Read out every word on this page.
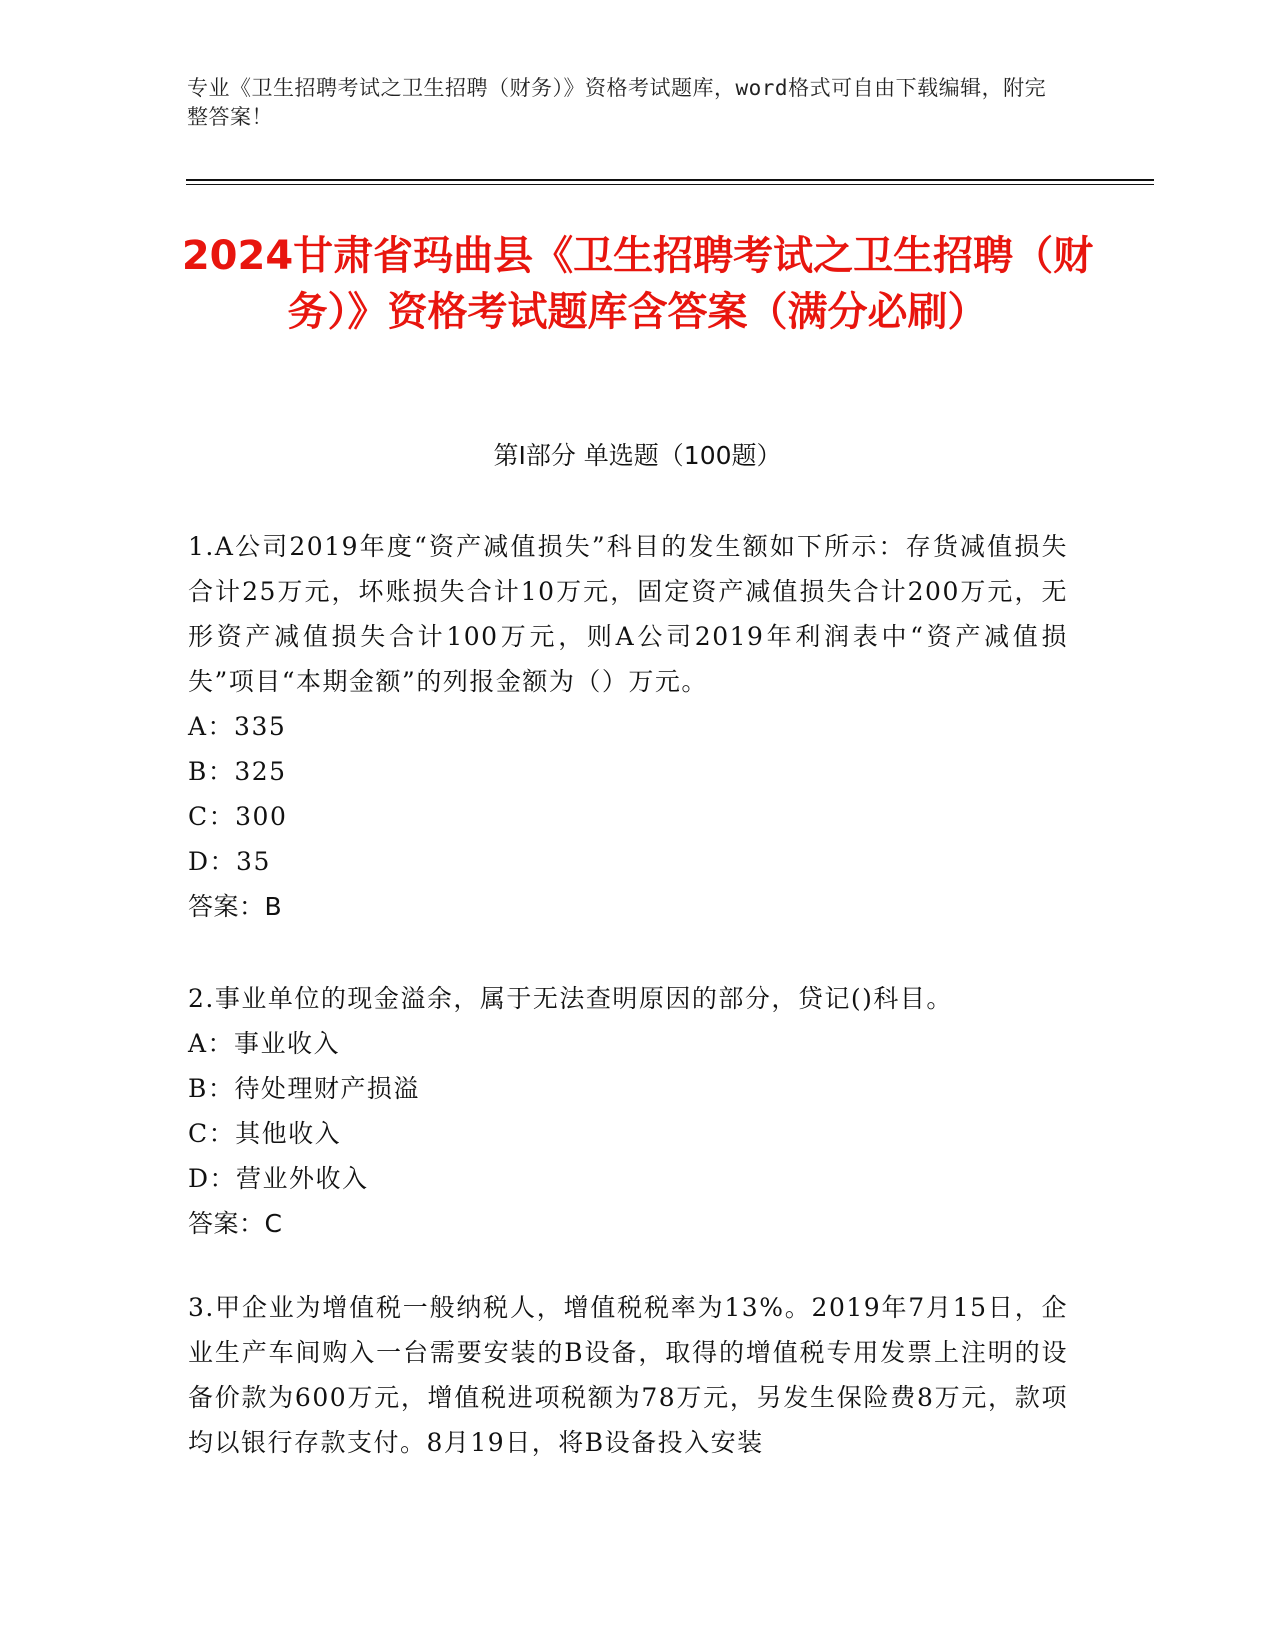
专业《卫生招聘考试之卫生招聘（财务）》资格考试题库，word格式可自由下载编辑，附完整答案！
2024甘肃省玛曲县《卫生招聘考试之卫生招聘（财务）》资格考试题库含答案（满分必刷）
第I部分 单选题（100题）

1.A公司2019年度“资产减值损失”科目的发生额如下所示：存货减值损失合计25万元，坏账损失合计10万元，固定资产减值损失合计200万元，无形资产减值损失合计100万元，则A公司2019年利润表中“资产减值损失”项目“本期金额”的列报金额为（）万元。

A：335
B：325
C：300
D：35
答案：B

2.事业单位的现金溢余，属于无法查明原因的部分，贷记()科目。

A：事业收入
B：待处理财产损溢
C：其他收入
D：营业外收入
答案：C

3.甲企业为增值税一般纳税人，增值税税率为13%。2019年7月15日，企业生产车间购入一台需要安装的B设备，取得的增值税专用发票上注明的设备价款为600万元，增值税进项税额为78万元，另发生保险费8万元，款项均以银行存款支付。8月19日，将B设备投入安装
